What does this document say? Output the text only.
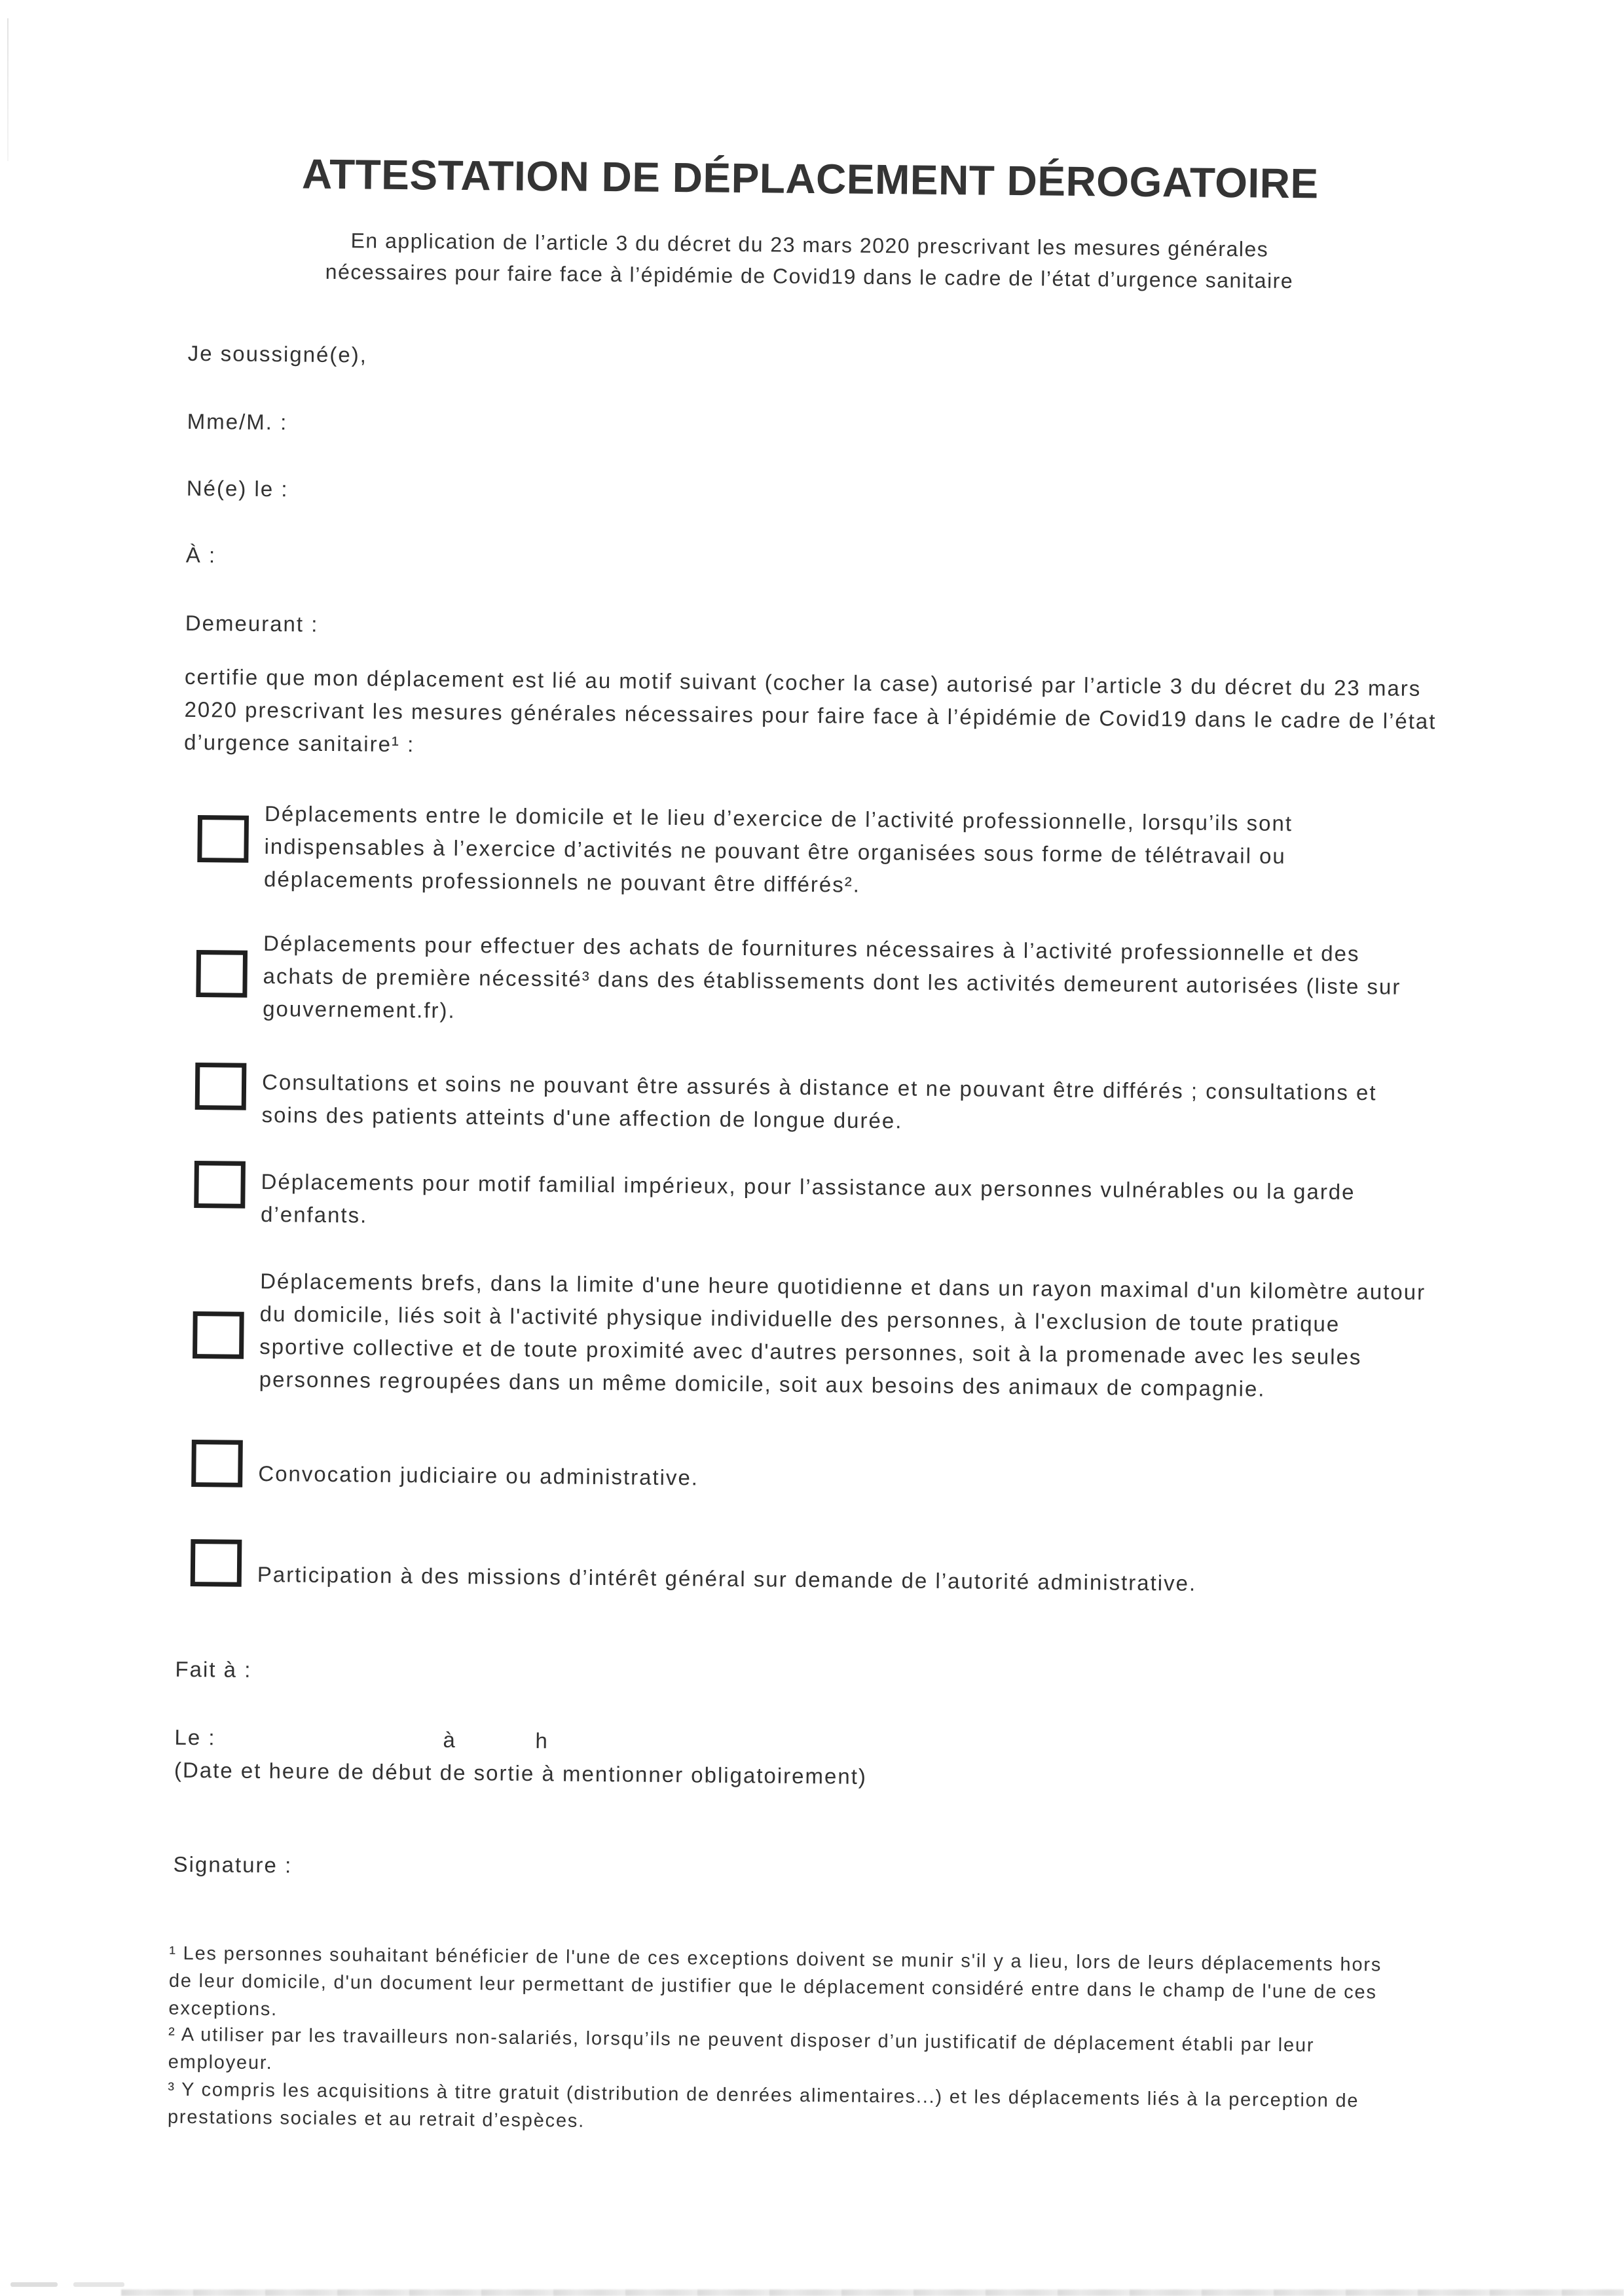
ATTESTATION DE DÉPLACEMENT DÉROGATOIRE
En application de l’article 3 du décret du 23 mars 2020 prescrivant les mesures générales
nécessaires pour faire face à l’épidémie de Covid19 dans le cadre de l’état d’urgence sanitaire
Je soussigné(e),
Mme/M. :
Né(e) le :
À :
Demeurant :
certifie que mon déplacement est lié au motif suivant (cocher la case) autorisé par l’article 3 du décret du 23 mars 2020 prescrivant les mesures générales nécessaires pour faire face à l’épidémie de Covid19 dans le cadre de l’état d’urgence sanitaire¹ :
Déplacements entre le domicile et le lieu d’exercice de l’activité professionnelle, lorsqu’ils sont indispensables à l’exercice d’activités ne pouvant être organisées sous forme de télétravail ou déplacements professionnels ne pouvant être différés².
Déplacements pour effectuer des achats de fournitures nécessaires à l’activité professionnelle et des achats de première nécessité³ dans des établissements dont les activités demeurent autorisées (liste sur gouvernement.fr).
Consultations et soins ne pouvant être assurés à distance et ne pouvant être différés ; consultations et soins des patients atteints d'une affection de longue durée.
Déplacements pour motif familial impérieux, pour l’assistance aux personnes vulnérables ou la garde d’enfants.
Déplacements brefs, dans la limite d'une heure quotidienne et dans un rayon maximal d'un kilomètre autour du domicile, liés soit à l'activité physique individuelle des personnes, à l'exclusion de toute pratique sportive collective et de toute proximité avec d'autres personnes, soit à la promenade avec les seules personnes regroupées dans un même domicile, soit aux besoins des animaux de compagnie.
Convocation judiciaire ou administrative.
Participation à des missions d’intérêt général sur demande de l’autorité administrative.
Fait à :
Le :	à	h
(Date et heure de début de sortie à mentionner obligatoirement)
Signature :
¹ Les personnes souhaitant bénéficier de l'une de ces exceptions doivent se munir s'il y a lieu, lors de leurs déplacements hors de leur domicile, d'un document leur permettant de justifier que le déplacement considéré entre dans le champ de l'une de ces exceptions.
² A utiliser par les travailleurs non-salariés, lorsqu’ils ne peuvent disposer d’un justificatif de déplacement établi par leur employeur.
³ Y compris les acquisitions à titre gratuit (distribution de denrées alimentaires...) et les déplacements liés à la perception de prestations sociales et au retrait d’espèces.
